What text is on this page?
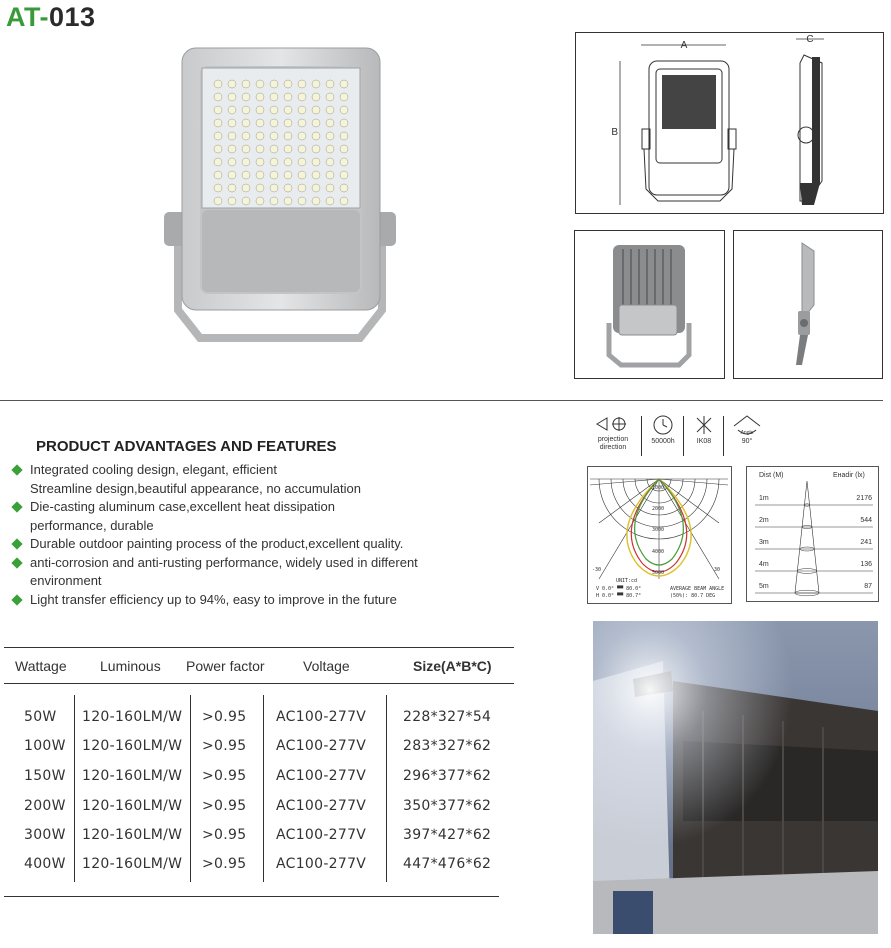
AT-013
A
B
C
PRODUCT ADVANTAGES AND FEATURES
Integrated cooling design, elegant, efficient
Streamline design,beautiful appearance, no accumulation
Die-casting aluminum case,excellent heat dissipation
performance, durable
Durable outdoor painting process of the product,excellent quality.
anti-corrosion and anti-rusting performance, widely used in different
environment
Light transfer efficiency up to 94%, easy to improve in the future
Wattage Luminous Power factor	Voltage	Size(A*B*C)
50W 120-160LM/W >0.95 AC100-277V	228*327*54
100W 120-160LM/W >0.95 AC100-277V	283*327*62
150W 120-160LM/W >0.95 AC100-277V	296*377*62
200W 120-160LM/W >0.95 AC100-277V	350*377*62
300W 120-160LM/W >0.95 AC100-277V	397*427*62
400W 120-160LM/W >0.95 AC100-277V	447*476*62
projection direction
50000h	IK08
Angle
90°
1000
2000
3000
4000
5000
-30	30
UNIT:cd
V 0.0° ▀▀ 80.0°
H 0.0° ▀▀ 80.7°
AVERAGE BEAM ANGLE
(50%): 80.7 DEG
Dist (M)	Eнadir (lx)
1m	2176
2m	544
3m	241
4m	136
5m	87
